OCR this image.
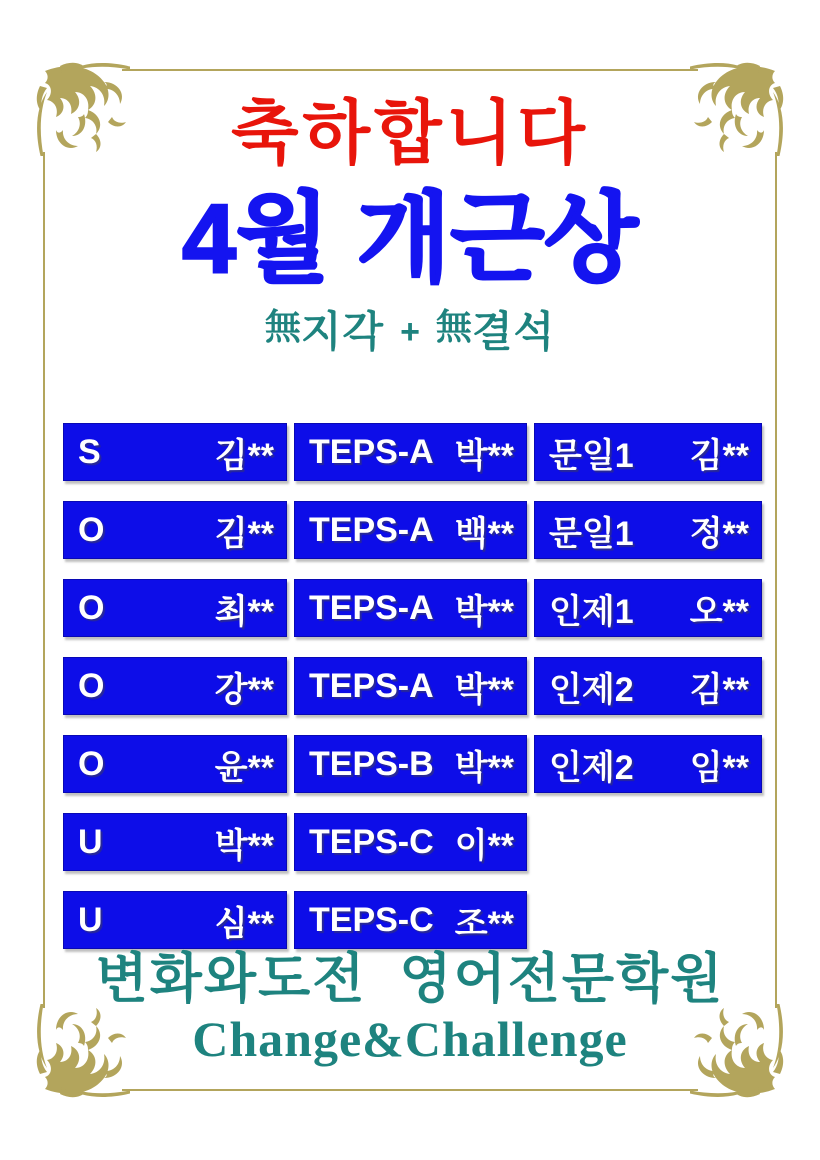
축하합니다
4월 개근상
無지각 + 無결석
S	김** TEPS-A 박** 문일1 김**
O	김** TEPS-A 백** 문일1 정**
O	최** TEPS-A 박** 인제1 오**
O	강** TEPS-A 박** 인제2 김**
O	윤** TEPS-B 박** 인제2 임**
U	박** TEPS-C 이**
U	심** TEPS-C 조**
변화와도전 영어전문학원
Change&Challenge
